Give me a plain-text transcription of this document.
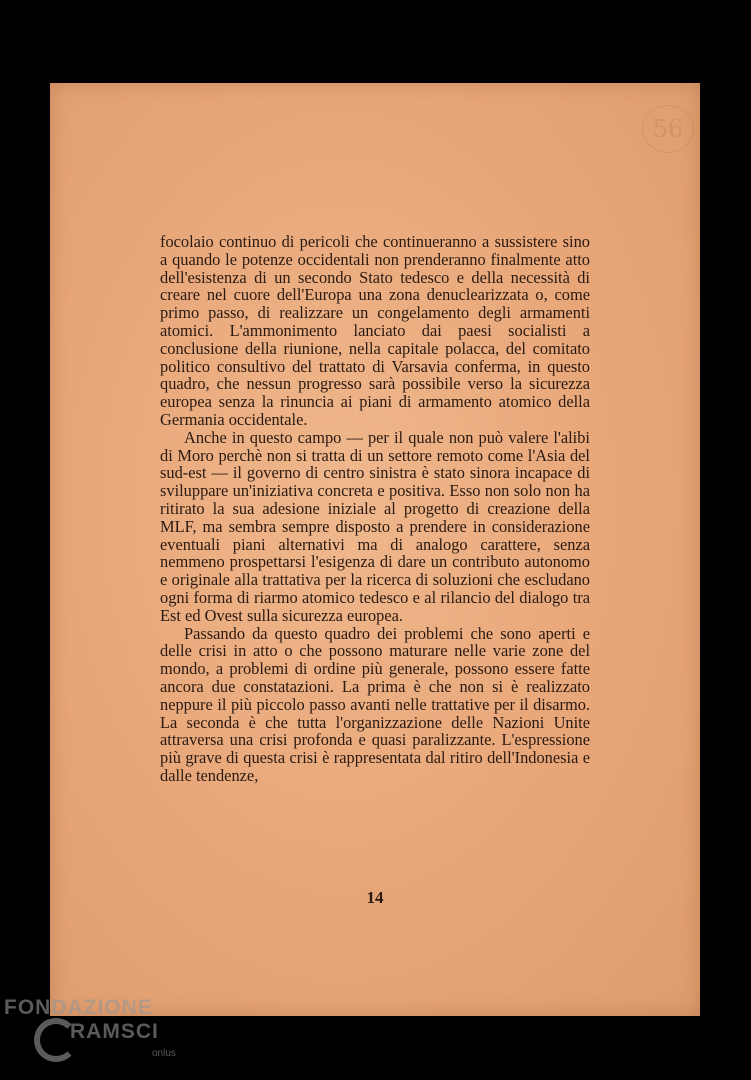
56

focolaio continuo di pericoli che continueranno a sussistere sino a quando le potenze occidentali non prenderanno finalmente atto dell'esistenza di un secondo Stato tedesco e della necessità di creare nel cuore dell'Europa una zona denuclearizzata o, come primo passo, di realizzare un congelamento degli armamenti atomici. L'ammonimento lanciato dai paesi socialisti a conclusione della riunione, nella capitale polacca, del comitato politico consultivo del trattato di Varsavia conferma, in questo quadro, che nessun progresso sarà possibile verso la sicurezza europea senza la rinuncia ai piani di armamento atomico della Germania occidentale.

Anche in questo campo — per il quale non può valere l'alibi di Moro perchè non si tratta di un settore remoto come l'Asia del sud-est — il governo di centro sinistra è stato sinora incapace di sviluppare un'iniziativa concreta e positiva. Esso non solo non ha ritirato la sua adesione iniziale al progetto di creazione della MLF, ma sembra sempre disposto a prendere in considerazione eventuali piani alternativi ma di analogo carattere, senza nemmeno prospettarsi l'esigenza di dare un contributo autonomo e originale alla trattativa per la ricerca di soluzioni che escludano ogni forma di riarmo atomico tedesco e al rilancio del dialogo tra Est ed Ovest sulla sicurezza europea.

Passando da questo quadro dei problemi che sono aperti e delle crisi in atto o che possono maturare nelle varie zone del mondo, a problemi di ordine più generale, possono essere fatte ancora due constatazioni. La prima è che non si è realizzato neppure il più piccolo passo avanti nelle trattative per il disarmo. La seconda è che tutta l'organizzazione delle Nazioni Unite attraversa una crisi profonda e quasi paralizzante. L'espressione più grave di questa crisi è rappresentata dal ritiro dell'Indonesia e dalle tendenze,

14
FONDAZIONE
RAMSCI
onlus
